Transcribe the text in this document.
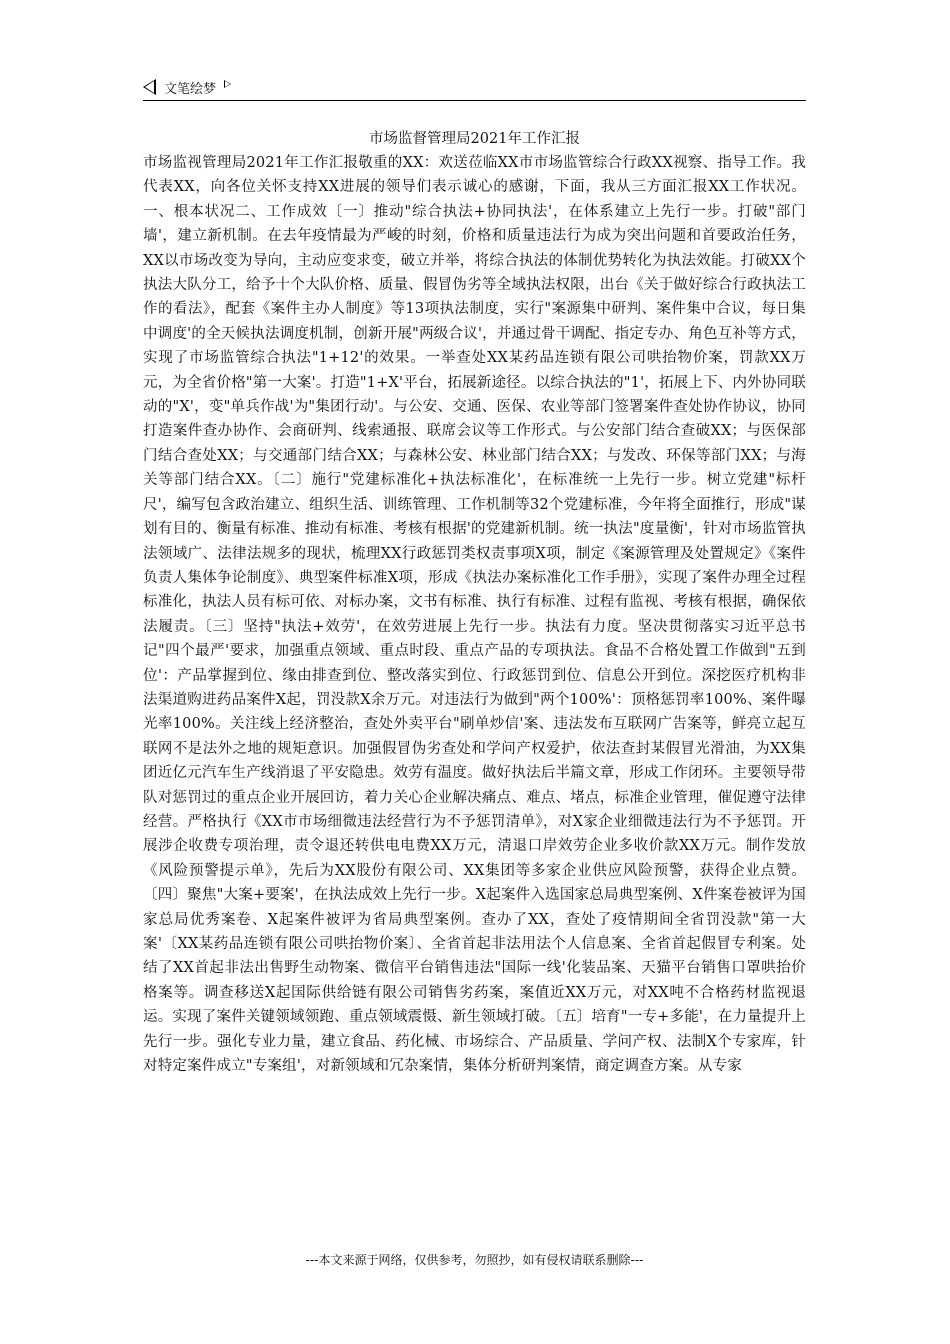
文笔绘梦
市场监督管理局2021年工作汇报
市场监视管理局2021年工作汇报敬重的XX：欢送莅临XX市市场监管综合行政XX视察、指导工作。我代表XX，向各位关怀支持XX进展的领导们表示诚心的感谢，下面，我从三方面汇报XX工作状况。一、根本状况二、工作成效〔一〕推动"综合执法+协同执法'，在体系建立上先行一步。打破"部门墙'，建立新机制。在去年疫情最为严峻的时刻，价格和质量违法行为成为突出问题和首要政治任务，XX以市场改变为导向，主动应变求变，破立并举，将综合执法的体制优势转化为执法效能。打破XX个执法大队分工，给予十个大队价格、质量、假冒伪劣等全域执法权限，出台《关于做好综合行政执法工作的看法》，配套《案件主办人制度》等13项执法制度，实行"案源集中研判、案件集中合议，每日集中调度'的全天候执法调度机制，创新开展"两级合议'，并通过骨干调配、指定专办、角色互补等方式，实现了市场监管综合执法"1+12'的效果。一举查处XX某药品连锁有限公司哄抬物价案，罚款XX万元，为全省价格"第一大案'。打造"1+X'平台，拓展新途径。以综合执法的"1'，拓展上下、内外协同联动的"X'，变"单兵作战'为"集团行动'。与公安、交通、医保、农业等部门签署案件查处协作协议，协同打造案件查办协作、会商研判、线索通报、联席会议等工作形式。与公安部门结合查破XX；与医保部门结合查处XX；与交通部门结合XX；与森林公安、林业部门结合XX；与发改、环保等部门XX；与海关等部门结合XX。〔二〕施行"党建标准化+执法标准化'，在标准统一上先行一步。树立党建"标杆尺'，编写包含政治建立、组织生活、训练管理、工作机制等32个党建标准，今年将全面推行，形成"谋划有目的、衡量有标准、推动有标准、考核有根据'的党建新机制。统一执法"度量衡'，针对市场监管执法领域广、法律法规多的现状，梳理XX行政惩罚类权责事项X项，制定《案源管理及处置规定》《案件负责人集体争论制度》、典型案件标准X项，形成《执法办案标准化工作手册》，实现了案件办理全过程标准化，执法人员有标可依、对标办案，文书有标准、执行有标准、过程有监视、考核有根据，确保依法履责。〔三〕坚持"执法+效劳'，在效劳进展上先行一步。执法有力度。坚决贯彻落实习近平总书记"四个最严'要求，加强重点领域、重点时段、重点产品的专项执法。食品不合格处置工作做到"五到位'：产品掌握到位、缘由排查到位、整改落实到位、行政惩罚到位、信息公开到位。深挖医疗机构非法渠道购进药品案件X起，罚没款X余万元。对违法行为做到"两个100%'：顶格惩罚率100%、案件曝光率100%。关注线上经济整治，查处外卖平台"刷单炒信'案、违法发布互联网广告案等，鲜亮立起互联网不是法外之地的规矩意识。加强假冒伪劣查处和学问产权爱护，依法查封某假冒光滑油，为XX集团近亿元汽车生产线消退了平安隐患。效劳有温度。做好执法后半篇文章，形成工作闭环。主要领导带队对惩罚过的重点企业开展回访，着力关心企业解决痛点、难点、堵点，标准企业管理，催促遵守法律经营。严格执行《XX市市场细微违法经营行为不予惩罚清单》，对X家企业细微违法行为不予惩罚。开展涉企收费专项治理，责令退还转供电电费XX万元，清退口岸效劳企业多收价款XX万元。制作发放《风险预警提示单》，先后为XX股份有限公司、XX集团等多家企业供应风险预警，获得企业点赞。〔四〕聚焦"大案+要案'，在执法成效上先行一步。X起案件入选国家总局典型案例、X件案卷被评为国家总局优秀案卷、X起案件被评为省局典型案例。查办了XX，查处了疫情期间全省罚没款"第一大案'〔XX某药品连锁有限公司哄抬物价案〕、全省首起非法用法个人信息案、全省首起假冒专利案。处结了XX首起非法出售野生动物案、微信平台销售违法"国际一线'化装品案、天猫平台销售口罩哄抬价格案等。调查移送X起国际供给链有限公司销售劣药案，案值近XX万元，对XX吨不合格药材监视退运。实现了案件关键领域领跑、重点领域震慑、新生领域打破。〔五〕培育"一专+多能'，在力量提升上先行一步。强化专业力量，建立食品、药化械、市场综合、产品质量、学问产权、法制X个专家库，针对特定案件成立"专案组'，对新领域和冗杂案情，集体分析研判案情，商定调查方案。从专家
---本文来源于网络，仅供参考，勿照抄，如有侵权请联系删除---
